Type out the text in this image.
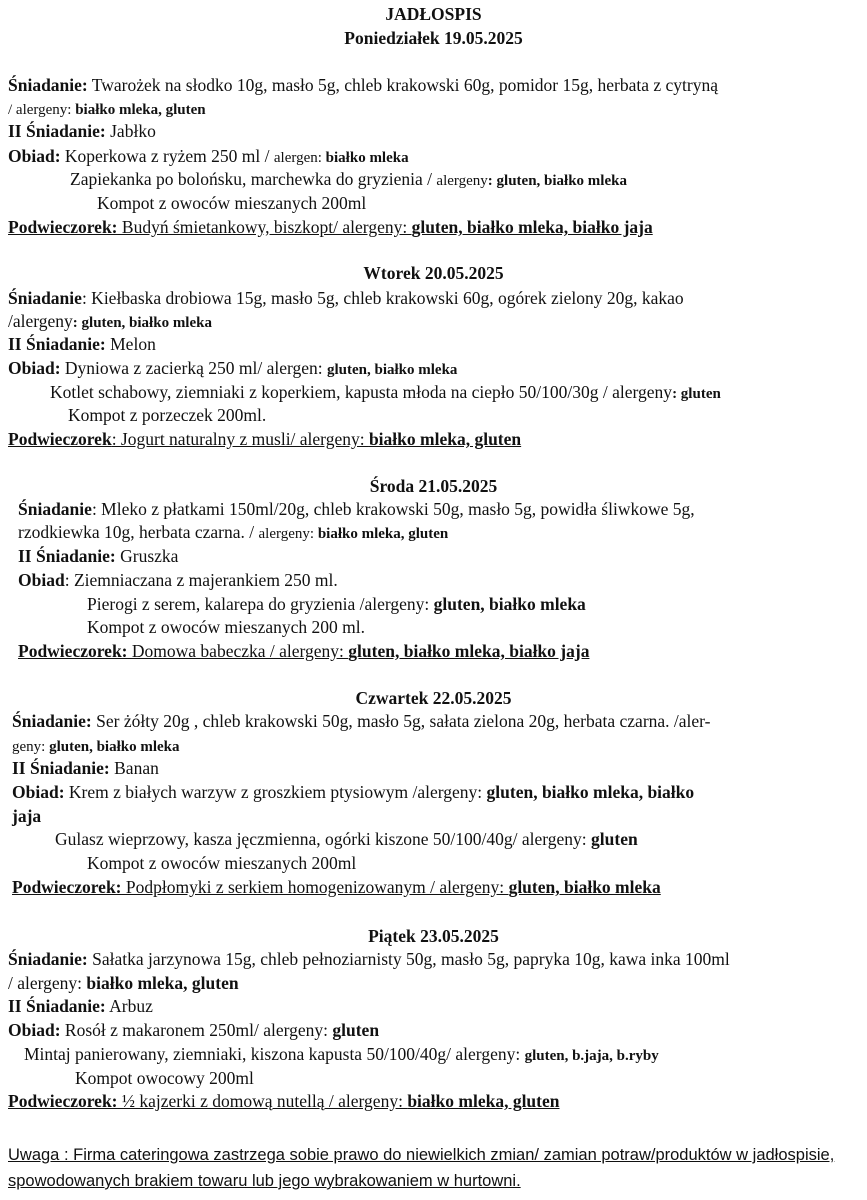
JADŁOSPIS
Poniedziałek 19.05.2025
Śniadanie: Twarożek na słodko 10g, masło 5g, chleb krakowski 60g, pomidor 15g, herbata z cytryną
/ alergeny: białko mleka, gluten
II Śniadanie: Jabłko
Obiad: Koperkowa z ryżem 250 ml / alergen: białko mleka
Zapiekanka po bolońsku, marchewka do gryzienia / alergeny: gluten, białko mleka
Kompot z owoców mieszanych 200ml
Podwieczorek: Budyń śmietankowy, biszkopt/ alergeny: gluten, białko mleka, białko jaja
Wtorek 20.05.2025
Śniadanie: Kiełbaska drobiowa 15g, masło 5g, chleb krakowski 60g, ogórek zielony 20g, kakao
/alergeny: gluten, białko mleka
II Śniadanie: Melon
Obiad: Dyniowa z zacierką 250 ml/ alergen: gluten, białko mleka
Kotlet schabowy, ziemniaki z koperkiem, kapusta młoda na ciepło 50/100/30g / alergeny: gluten
Kompot z porzeczek 200ml.
Podwieczorek: Jogurt naturalny z musli/ alergeny: białko mleka, gluten
Środa 21.05.2025
Śniadanie: Mleko z płatkami 150ml/20g, chleb krakowski 50g, masło 5g, powidła śliwkowe 5g,
rzodkiewka 10g, herbata czarna. / alergeny: białko mleka, gluten
II Śniadanie: Gruszka
Obiad: Ziemniaczana z majerankiem 250 ml.
Pierogi z serem, kalarepa do gryzienia /alergeny: gluten, białko mleka
Kompot z owoców mieszanych 200 ml.
Podwieczorek: Domowa babeczka / alergeny: gluten, białko mleka, białko jaja
Czwartek 22.05.2025
Śniadanie: Ser żółty 20g , chleb krakowski 50g, masło 5g, sałata zielona 20g, herbata czarna. /aler-
geny: gluten, białko mleka
II Śniadanie: Banan
Obiad: Krem z białych warzyw z groszkiem ptysiowym /alergeny: gluten, białko mleka, białko
jaja
Gulasz wieprzowy, kasza jęczmienna, ogórki kiszone 50/100/40g/ alergeny: gluten
Kompot z owoców mieszanych 200ml
Podwieczorek: Podpłomyki z serkiem homogenizowanym / alergeny: gluten, białko mleka
Piątek 23.05.2025
Śniadanie: Sałatka jarzynowa 15g, chleb pełnoziarnisty 50g, masło 5g, papryka 10g, kawa inka 100ml
/ alergeny: białko mleka, gluten
II Śniadanie: Arbuz
Obiad: Rosół z makaronem 250ml/ alergeny: gluten
Mintaj panierowany, ziemniaki, kiszona kapusta 50/100/40g/ alergeny: gluten, b.jaja, b.ryby
Kompot owocowy 200ml
Podwieczorek: ½ kajzerki z domową nutellą / alergeny: białko mleka, gluten
Uwaga : Firma cateringowa zastrzega sobie prawo do niewielkich zmian/ zamian potraw/produktów w jadłospisie, spowodowanych brakiem towaru lub jego wybrakowaniem w hurtowni.
